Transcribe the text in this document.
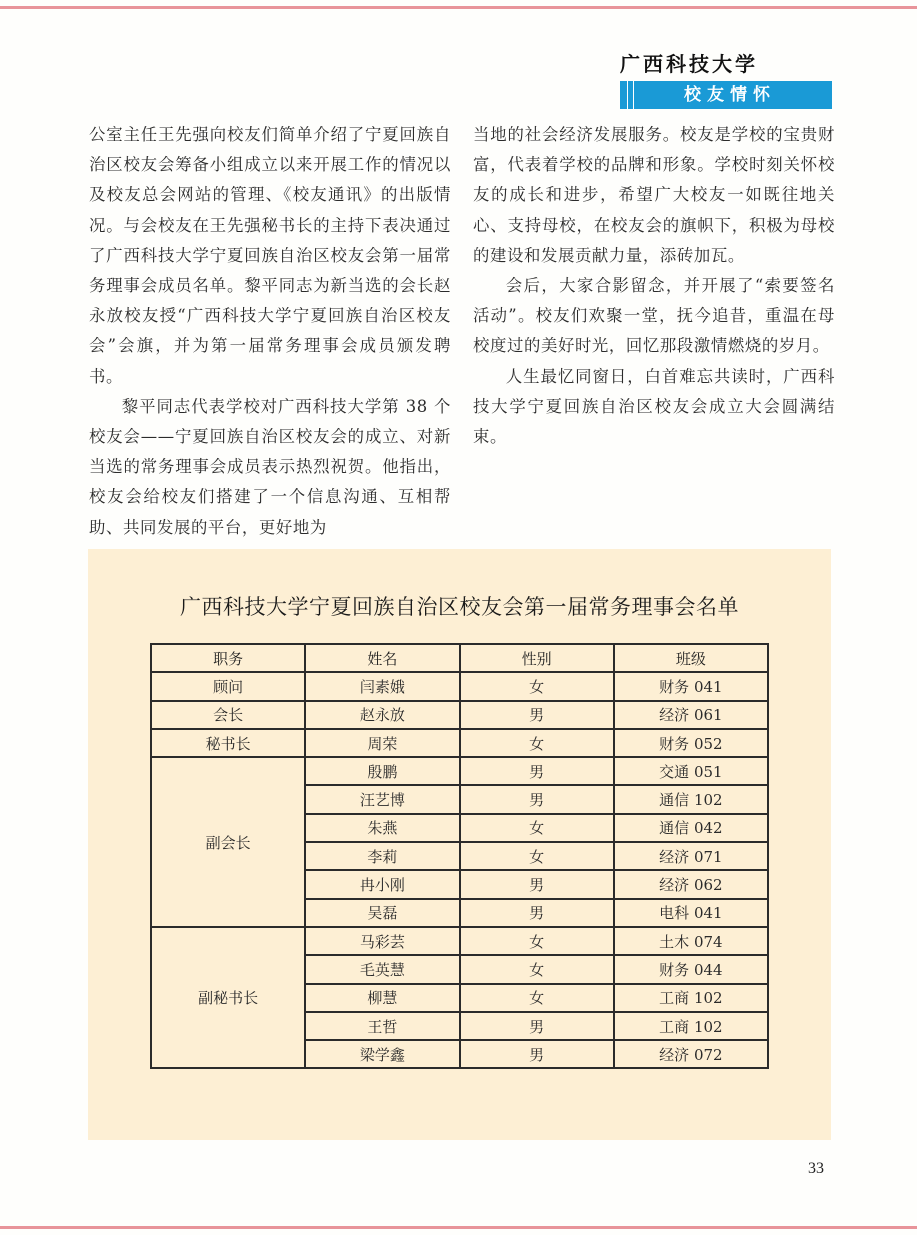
广西科技大学
校友情怀

公室主任王先强向校友们简单介绍了宁夏回族自治区校友会筹备小组成立以来开展工作的情况以及校友总会网站的管理、《校友通讯》的出版情况。与会校友在王先强秘书长的主持下表决通过了广西科技大学宁夏回族自治区校友会第一届常务理事会成员名单。黎平同志为新当选的会长赵永放校友授“广西科技大学宁夏回族自治区校友会”会旗，并为第一届常务理事会成员颁发聘书。

黎平同志代表学校对广西科技大学第 38 个校友会——宁夏回族自治区校友会的成立、对新当选的常务理事会成员表示热烈祝贺。他指出，校友会给校友们搭建了一个信息沟通、互相帮助、共同发展的平台，更好地为

当地的社会经济发展服务。校友是学校的宝贵财富，代表着学校的品牌和形象。学校时刻关怀校友的成长和进步，希望广大校友一如既往地关心、支持母校，在校友会的旗帜下，积极为母校的建设和发展贡献力量，添砖加瓦。

会后，大家合影留念，并开展了“索要签名活动”。校友们欢聚一堂，抚今追昔，重温在母校度过的美好时光，回忆那段激情燃烧的岁月。

人生最忆同窗日，白首难忘共读时，广西科技大学宁夏回族自治区校友会成立大会圆满结束。

广西科技大学宁夏回族自治区校友会第一届常务理事会名单
职务	姓名	性别	班级
顾问	闫素娥	女	财务 041
会长	赵永放	男	经济 061
秘书长	周荣	女	财务 052
副会长	殷鹏	男	交通 051
	汪艺博	男	通信 102
	朱燕	女	通信 042
	李莉	女	经济 071
	冉小刚	男	经济 062
	吴磊	男	电科 041
副秘书长	马彩芸	女	土木 074
	毛英慧	女	财务 044
	柳慧	女	工商 102
	王哲	男	工商 102
	梁学鑫	男	经济 072
33
